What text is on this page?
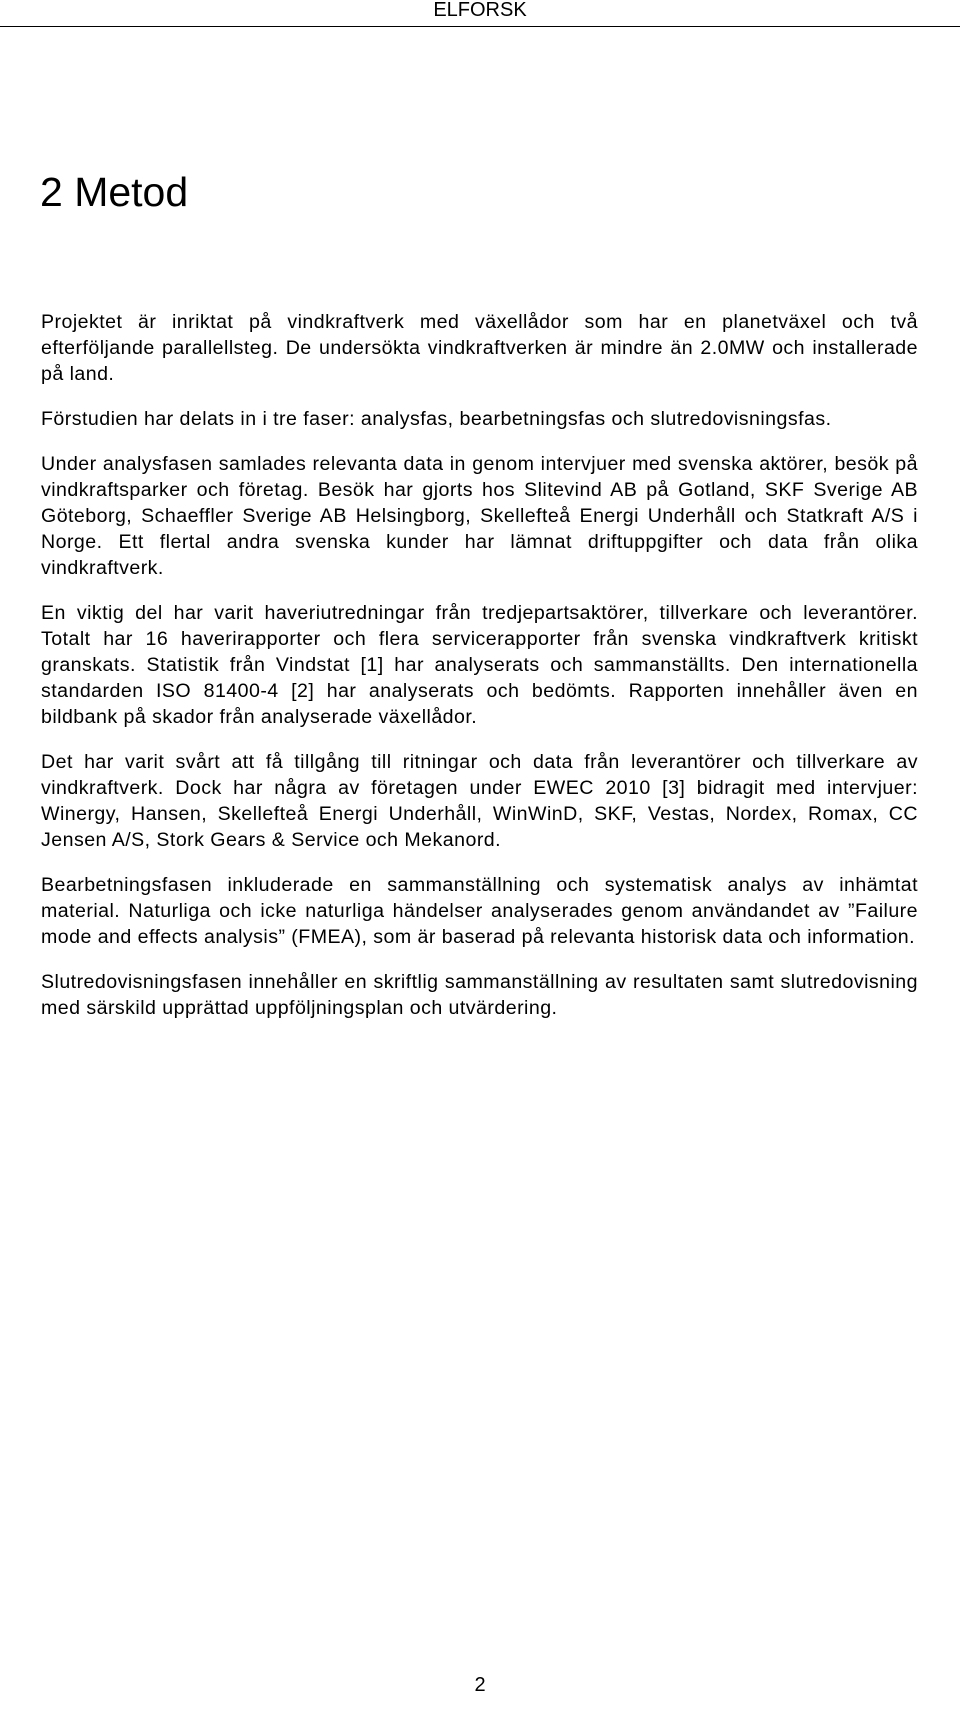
ELFORSK
2 Metod

Projektet är inriktat på vindkraftverk med växellådor som har en planetväxel och två efterföljande parallellsteg. De undersökta vindkraftverken är mindre än 2.0MW och installerade på land.

Förstudien har delats in i tre faser: analysfas, bearbetningsfas och slutredovisningsfas.

Under analysfasen samlades relevanta data in genom intervjuer med svenska aktörer, besök på vindkraftsparker och företag. Besök har gjorts hos Slitevind AB på Gotland, SKF Sverige AB Göteborg, Schaeffler Sverige AB Helsingborg, Skellefteå Energi Underhåll och Statkraft A/S i Norge. Ett flertal andra svenska kunder har lämnat driftuppgifter och data från olika vindkraftverk.

En viktig del har varit haveriutredningar från tredjepartsaktörer, tillverkare och leverantörer. Totalt har 16 haverirapporter och flera servicerapporter från svenska vindkraftverk kritiskt granskats. Statistik från Vindstat [1] har analyserats och sammanställts. Den internationella standarden ISO 81400-4 [2] har analyserats och bedömts. Rapporten innehåller även en bildbank på skador från analyserade växellådor.

Det har varit svårt att få tillgång till ritningar och data från leverantörer och tillverkare av vindkraftverk. Dock har några av företagen under EWEC 2010 [3] bidragit med intervjuer: Winergy, Hansen, Skellefteå Energi Underhåll, WinWinD, SKF, Vestas, Nordex, Romax, CC Jensen A/S, Stork Gears & Service och Mekanord.

Bearbetningsfasen inkluderade en sammanställning och systematisk analys av inhämtat material. Naturliga och icke naturliga händelser analyserades genom användandet av ”Failure mode and effects analysis” (FMEA), som är baserad på relevanta historisk data och information.

Slutredovisningsfasen innehåller en skriftlig sammanställning av resultaten samt slutredovisning med särskild upprättad uppföljningsplan och utvärdering.

2
